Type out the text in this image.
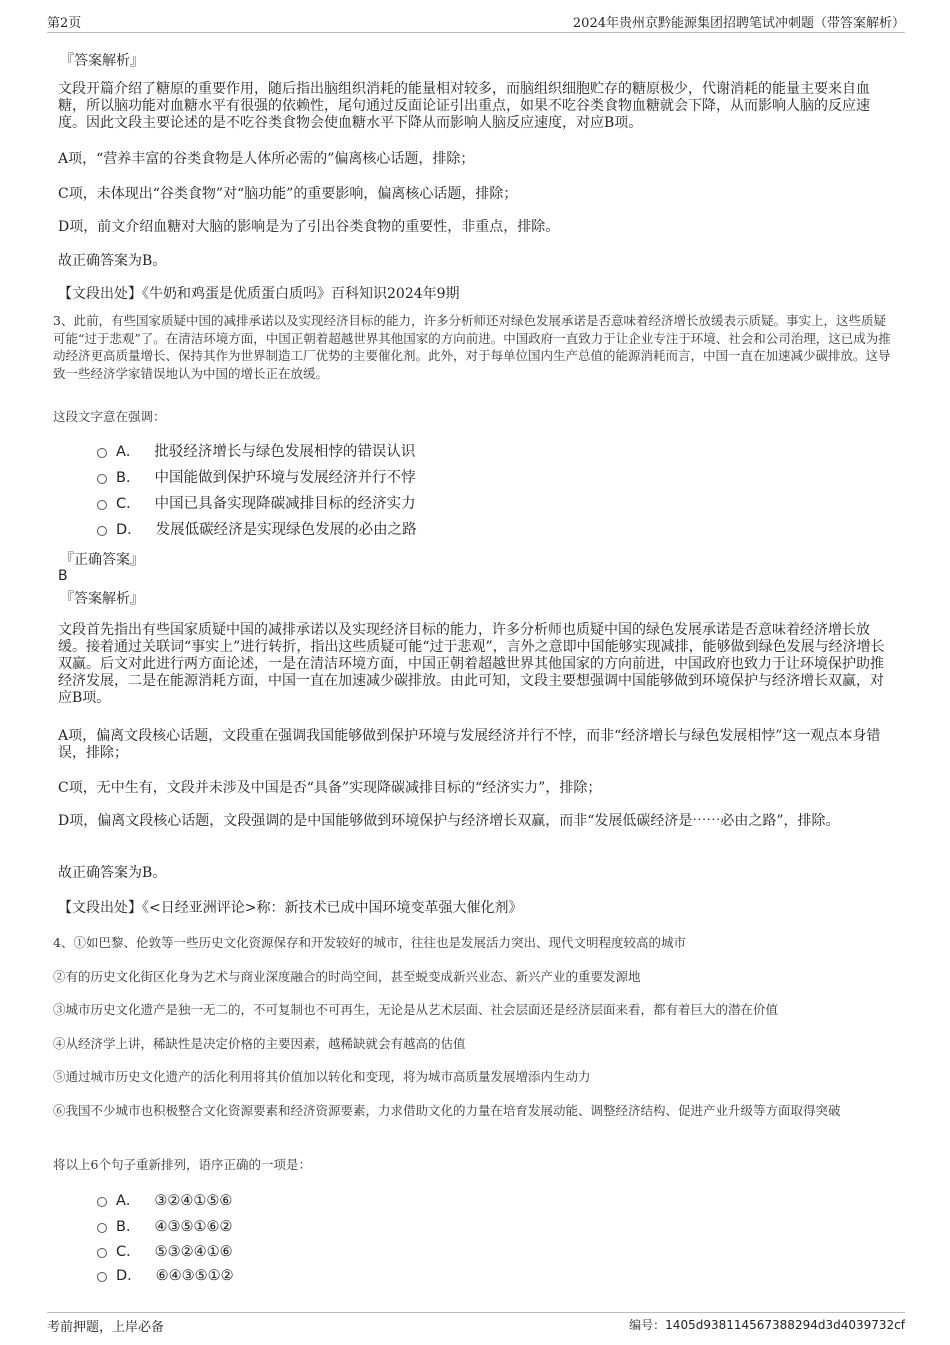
第2页	2024年贵州京黔能源集团招聘笔试冲刺题（带答案解析）
『答案解析』

文段开篇介绍了糖原的重要作用，随后指出脑组织消耗的能量相对较多，而脑组织细胞贮存的糖原极少，代谢消耗的能量主要来自血糖，所以脑功能对血糖水平有很强的依赖性，尾句通过反面论证引出重点，如果不吃谷类食物血糖就会下降，从而影响人脑的反应速度。因此文段主要论述的是不吃谷类食物会使血糖水平下降从而影响人脑反应速度，对应B项。

A项，“营养丰富的谷类食物是人体所必需的”偏离核心话题，排除；

C项，未体现出“谷类食物”对“脑功能”的重要影响，偏离核心话题，排除；

D项，前文介绍血糖对大脑的影响是为了引出谷类食物的重要性，非重点，排除。

故正确答案为B。

【文段出处】《牛奶和鸡蛋是优质蛋白质吗》百科知识2024年9期

3、此前，有些国家质疑中国的减排承诺以及实现经济目标的能力，许多分析师还对绿色发展承诺是否意味着经济增长放缓表示质疑。事实上，这些质疑可能“过于悲观”了。在清洁环境方面，中国正朝着超越世界其他国家的方向前进。中国政府一直致力于让企业专注于环境、社会和公司治理，这已成为推动经济更高质量增长、保持其作为世界制造工厂优势的主要催化剂。此外，对于每单位国内生产总值的能源消耗而言，中国一直在加速减少碳排放。这导致一些经济学家错误地认为中国的增长正在放缓。

这段文字意在强调：

A． 批驳经济增长与绿色发展相悖的错误认识
B． 中国能做到保护环境与发展经济并行不悖
C． 中国已具备实现降碳减排目标的经济实力
D． 发展低碳经济是实现绿色发展的必由之路
『正确答案』
B
『答案解析』

文段首先指出有些国家质疑中国的减排承诺以及实现经济目标的能力，许多分析师也质疑中国的绿色发展承诺是否意味着经济增长放缓。接着通过关联词“事实上”进行转折，指出这些质疑可能“过于悲观”，言外之意即中国能够实现减排，能够做到绿色发展与经济增长双赢。后文对此进行两方面论述，一是在清洁环境方面，中国正朝着超越世界其他国家的方向前进，中国政府也致力于让环境保护助推经济发展，二是在能源消耗方面，中国一直在加速减少碳排放。由此可知，文段主要想强调中国能够做到环境保护与经济增长双赢，对应B项。

A项，偏离文段核心话题，文段重在强调我国能够做到保护环境与发展经济并行不悖，而非“经济增长与绿色发展相悖”这一观点本身错误，排除；

C项，无中生有，文段并未涉及中国是否“具备”实现降碳减排目标的“经济实力”，排除；

D项，偏离文段核心话题，文段强调的是中国能够做到环境保护与经济增长双赢，而非“发展低碳经济是⋯⋯必由之路”，排除。

故正确答案为B。

【文段出处】《<日经亚洲评论>称：新技术已成中国环境变革强大催化剂》

4、①如巴黎、伦敦等一些历史文化资源保存和开发较好的城市，往往也是发展活力突出、现代文明程度较高的城市

②有的历史文化街区化身为艺术与商业深度融合的时尚空间，甚至蜕变成新兴业态、新兴产业的重要发源地

③城市历史文化遗产是独一无二的，不可复制也不可再生，无论是从艺术层面、社会层面还是经济层面来看，都有着巨大的潜在价值

④从经济学上讲，稀缺性是决定价格的主要因素，越稀缺就会有越高的估值

⑤通过城市历史文化遗产的活化利用将其价值加以转化和变现，将为城市高质量发展增添内生动力

⑥我国不少城市也积极整合文化资源要素和经济资源要素，力求借助文化的力量在培育发展动能、调整经济结构、促进产业升级等方面取得突破

将以上6个句子重新排列，语序正确的一项是：

A． ③②④①⑤⑥
B． ④③⑤①⑥②
C． ⑤③②④①⑥
D． ⑥④③⑤①②
考前押题，上岸必备	编号：1405d938114567388294d3d4039732cf
